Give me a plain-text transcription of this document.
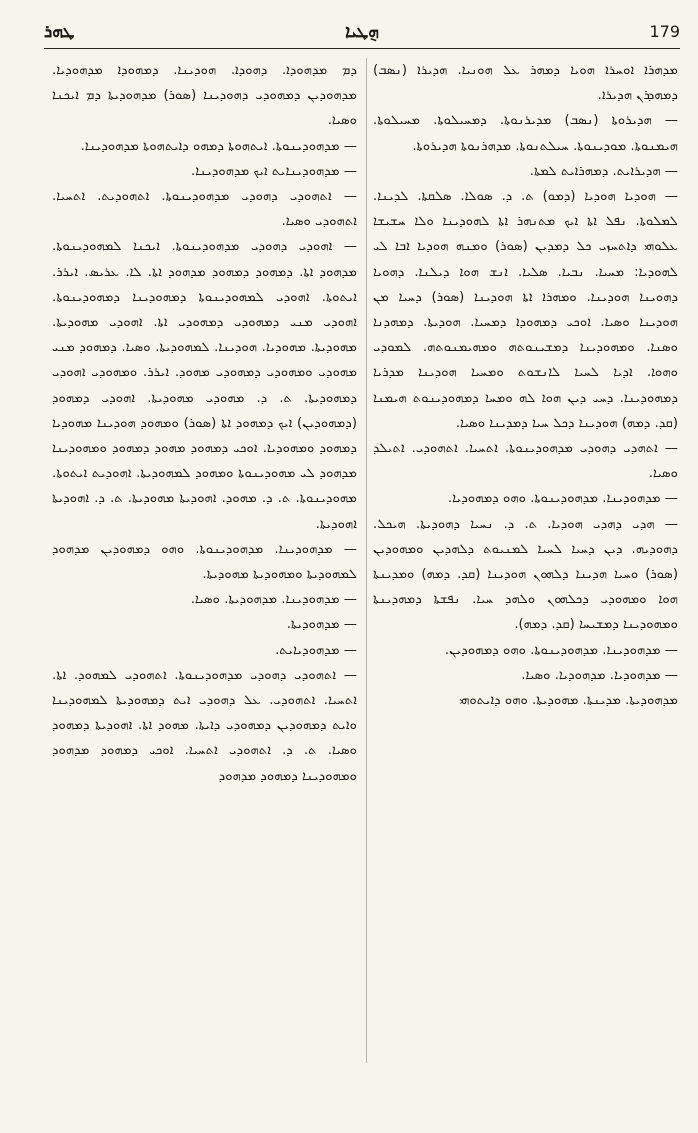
ܛܗܪ	ܗ݈ܛܝܐ	179

ܡܕܗܪܐ ܐܘܚܪܐ ܗܘܝܐ ܕܡܗܪ ܥܠ ܗܘܢܝܐ. ܗܕܝܪܐ (ܢܣܒ) ܕܡܗܕܪܢ ܗܕܝܪܐ.

— ܗܕܝܪܘܬܐ (ܢܣܒ) ܡܕܝܪܢܘܬܐ. ܕܡܚܝܠܘܬܐ. ܡܚܝܠܘܬܐ. ܗܝܡܢܘܬܐ. ܡܘܕܝܢܘܬܐ. ܚܝܠܬܢܘܬܐ. ܡܕܗܪܢܘܬܐ ܗܕܝܪܘܬܐ.

— ܗܕܝܪܐܝܬ. ܕܡܗܪܐܝܬ ܠܡܬܐ.

— ܗܘܕܝܐ ܗܘܕܝܐ (ܕܡܘ) ܬ. ܕ. ܣܘܠܐ. ܣܠܩܬܐ. ܠܕܝܢܐ. ܠܡܠܘܬܐ. ܢܦܠ ܐܬܐ ܐܝܟ ܡܬܢܗܪ ܐܬܐ ܠܗܘܕܝܢܐ ܘܠܐ ܚܫܝܫܐ ܥܠܘܗܝ ܕܐܬܚܙܝ ܟܠ ܕܡܕܝܢ (ܣܘܪ) ܘܡܢܗ ܗܘܕܝܐ ܐܒܐ ܠܝ ܠܗܘܕܝܐ: ܡܚܝܐ. ܢܒܝܐ. ܣܠܝܐ. ܐܢܫ ܗܘܐ ܕܝܠܢܐ. ܕܗܘܝܐ ܕܗܘܝܢܐ ܗܘܕܝܢܐ. ܘܡܗܪܐ ܐܬܐ ܗܘܕܝܢܐ (ܣܘܪ) ܕܚܝܐ ܡܢ ܗܘܕܝܢܐ ܘܣܝܐ. ܐܘܟܝ ܕܡܗܘܕܐ ܕܡܚܝܐ. ܗܘܕܝܬܐ. ܕܡܗܕܢܐ ܘܣܢܐ. ܘܡܗܘܕܝܢܐ ܕܡܫܝܢܘܬܗ ܘܡܗܝܡܢܘܬܗ. ܠܡܘܕܝ ܘܗܘܐ. ܐܕܝܐ ܠܚܝܐ ܠܐܢܫܘܬ ܘܡܚܝܐ ܗܘܕܝܢܐ ܡܕܪܝܐ ܕܡܗܘܕܝܢܐ. ܕܚܝ ܕܝܢ ܗܘܐ ܠܗ ܘܡܚܐ ܕܡܗܘܕܝܢܘܬ ܗܝܡܢܐ (ܩܕ. ܕܡܗ) ܗܘܕܝܢܐ ܕܟܠ ܚܝܐ ܕܡܕܝܢܐ ܘܣܝܐ.

— ܐܬܗܕܝ ܕܗܘܕܝ ܡܕܗܘܕܝܢܘܬܐ. ܐܬܚܝܐ. ܐܬܗܘܕܝ. ܐܬܝܠܕ ܘܣܝܐ.

— ܡܕܗܘܕܝܢܐ. ܡܕܗܘܕܝܢܘܬܐ. ܘܗܘ ܕܡܗܘܕܝܐ.

— ܗܕܝ ܕܗܕܝ ܗܘܕܝܐ. ܬ. ܕ. ܢܚܝܐ ܕܗܘܕܝܬܐ. ܗܝܟܠ. ܕܗܘܕܝܗ. ܕܝܢ ܕܚܝܐ ܠܚܝܐ ܠܡܢܝܘܬ ܕܠܗܕܝܢ ܘܡܗܘܕܝܢ (ܣܘܪ) ܘܚܝܐ ܗܕܝܢܐ ܕܠܗܘܢ ܗܘܕܝܢܐ (ܩܕ. ܕܡܗ) ܘܡܕܝܢܬܐ ܗܘܐ ܘܡܗܘܕܝ ܕܟܠܗܘܢ ܘܠܗܕ ܚܝܐ. ܢܦܫܬܐ ܕܡܗܕܝܢܬܐ ܘܡܗܘܕܝܢܐ ܕܡܫܝܚܐ (ܩܕ. ܕܡܗ).

— ܡܕܗܘܕܝܢܐ. ܡܕܗܘܕܝܢܘܬܐ. ܘܗܘ ܕܡܗܘܕܝܢ.

— ܡܕܗܘܕܝܐ. ܡܕܗܘܕܝܐ. ܘܣܝܐ.

ܡܕܗܘܕܝܬܐ. ܡܕܝܢܬܐ. ܡܗܘܕܝܬܐ. ܘܗܘ ܕܐܝܬܘܗܝ

ܕܡ ܡܕܗܘܕܐ. ܕܗܘܕܐ. ܗܘܕܝܢܐ. ܕܡܗܘܕܐ ܡܕܗܘܕܝܐ. ܡܕܗܘܕܝܢ ܕܡܗܘܕܝ ܕܗܘܕܝܢܐ (ܣܘܪ) ܡܕܗܘܕܝܬܐ ܕܡ ܐܝܟܢܐ ܘܣܝܐ.

— ܡܕܗܘܕܝܢܘܬܐ. ܐܝܬܗܘܬܐ ܕܡܗܘ ܕܐܝܬܗܘܬܐ ܡܕܗܘܕܝܢܐ.

— ܡܕܗܘܕܝܢܐܝܬ ܐܝܟ ܡܕܗܘܕܝܢܐ.

— ܐܬܗܘܕܝ ܕܗܘܕܝ ܡܕܗܘܕܝܢܘܬܐ. ܐܬܗܘܕܝܬ. ܐܬܚܝܐ. ܐܬܗܘܕܝ ܘܣܝܐ.

— ܐܗܘܕܝ ܕܗܘܕܝ ܡܕܗܘܕܝܢܘܬܐ. ܐܝܟܢܐ ܠܡܗܘܕܝܢܘܬܐ. ܡܕܗܘܕ ܐܬܐ. ܕܡܗܘܕ ܕܡܗܘܕ ܡܕܗܘܕ ܐܬܐ. ܠܐ. ܥܪܝܣ. ܐܝܪܪ. ܐܝܬܘܬܐ. ܐܗܘܕܝ ܠܡܗܘܕܝܢܘܬܐ ܕܡܗܘܕܝܢܐ ܕܡܗܘܕܝܢܘܬܐ. ܐܗܘܕܝ ܡܢܝ ܕܡܗܘܕܝ ܕܡܗܘܕܝ ܐܬܐ. ܐܗܘܕܝ ܡܗܘܕܝܬܐ. ܡܗܘܕܝܬܐ. ܡܗܘܕܝܐ. ܗܘܕܝܢܐ. ܠܡܗܘܕܝܬܐ. ܘܣܝܐ. ܕܡܗܘܕ ܡܢܝ ܡܗܘܕܝ ܘܡܗܘܕܝ ܕܡܗܘܕܝ ܡܗܘܕ. ܐܝܪܪ. ܘܡܗܘܕܝ ܐܗܘܕܝ ܕܡܗܘܕܝܬܐ. ܬ. ܕ. ܡܗܘܕܝ ܡܗܘܕܝܬܐ. ܐܗܘܕܝ ܕܡܗܘܕ (ܕܡܗܘܕܝܢ) ܐܝܟ ܕܡܗܘܕ ܐܬܐ (ܣܘܪ) ܘܡܗܘܕ ܗܘܕܝܢܐ ܡܗܘܕܝܐ ܕܡܗܘܕ ܘܡܗܘܕܝܐ. ܐܘܟܝ ܕܡܗܘܕ ܡܗܘܕ ܕܡܗܘܕ ܘܡܗܘܕܝܢܐ ܡܕܗܘܕ ܠܝ ܡܗܘܕܝܢܘܬܐ ܘܡܗܘܕ ܠܡܗܘܕܝܬܐ. ܐܗܘܕܝܬ ܐܝܬܘܬܐ. ܡܗܘܕܝܢܘܬܐ. ܬ. ܕ. ܡܗܘܕ. ܐܗܘܕܝܬܐ ܡܗܘܕܝܬܐ. ܬ. ܕ. ܐܗܘܕܝܬܐ ܐܗܘܕܝܬܐ.

— ܡܕܗܘܕܝܢܐ. ܡܕܗܘܕܝܢܘܬܐ. ܘܗܘ ܕܡܗܘܕܝܢ ܡܕܗܘܕ ܠܡܗܘܕܝܬܐ ܘܡܗܘܕܝܬܐ ܡܗܘܕܝܬܐ.

— ܡܕܗܘܕܝܢܐ. ܡܕܗܘܕܝܬܐ. ܘܣܝܐ.

— ܡܕܗܘܕܝܬܐ.

— ܡܕܗܘܕܝܐܝܬ.

— ܐܬܗܘܕܝ ܕܗܘܕܝ ܡܕܗܘܕܝܢܘܬܐ. ܐܬܗܘܕܝ ܠܡܗܘܕ. ܐܬܐ. ܐܬܚܝܐ. ܐܬܗܘܕܝ. ܥܠ ܕܗܘܕܝ ܐܝܬ ܕܡܗܘܕܝܬܐ ܠܡܗܘܕܝܢܐ ܘܐܝܬ ܕܡܗܘܕܝܢ ܕܡܗܘܕܝ ܕܐܝܬܐ. ܡܗܘܕ ܐܬܐ. ܐܗܘܕܝܬܐ ܕܡܗܘܕ ܘܣܝܐ. ܬ. ܕ. ܐܬܗܘܕܝ ܐܬܚܝܐ. ܐܘܟܝ ܕܡܗܘܕ ܡܕܗܘܕ ܘܡܗܘܕܝܢܐ ܕܡܗܘܕ ܡܕܗܘܕ
